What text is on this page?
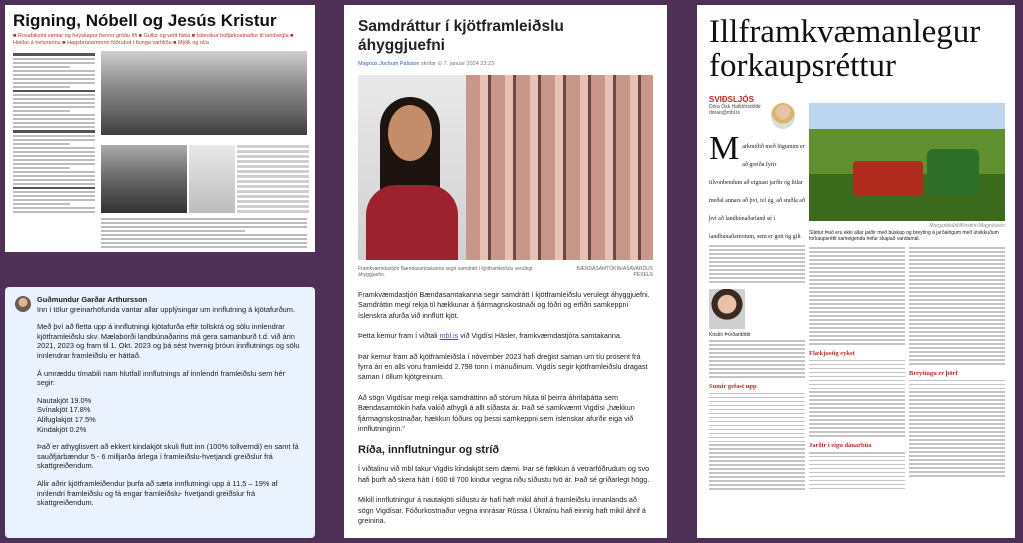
Rigning, Nóbell og Jesús Kristur
■ Rosabiksmi vantar og heyskapur hennir gróðu lífi ■ Gullur og veitt fiska ■ Íslenskur búfjárkostnaður til landvegla ■ Heiður á helsnerinu ■ Hagsbrúnarmenn fóðrubot í tlunga varhliðu ■ Mjólk og olía
Samdráttur í kjötframleiðslu áhyggjuefni
Magnús Jochum Pálsson skrifar ⊙ 7. janúar 2024 23:23
Framkvæmdastjóri Bændasamtakanna segir samdrátt í kjötframleiðslu verulegt áhyggjuefni.
BÆNDASAMTÖKIN/ASAVARDUS PEXELS

Framkvæmdastjóri Bændasamtakanna segir samdrátt í kjötframleiðslu verulegt áhyggjuefni. Samdráttin megi rekja til hækkunar á fjármagnskostnaði og fóðri og erfiðri samkeppni íslenskra afurða við innflutt kjöt.

Þetta kemur fram í viðtali mbl.is við Vigdísi Häsler, framkvæmdastjóra samtakanna.

Þar kemur fram að kjötframleiðsla í nóvember 2023 hafi dregist saman um tíu prósent frá fyrra ári en alls voru framleidd 2.798 tonn í mánuðinum. Vigdís segir kjötframleiðslu dragast saman í öllum kjötgreinum.

Að sögn Vigdísar megi rekja samdráttinn að stórum hluta til þeirra áhrifaþátta sem Bændasamtökin hafa vakið athygli á allt síðasta ár. Það sé samkvæmt Vigdísi „hækkun fjármagnskostnaðar, hækkun fóðurs og þessi samkeppni sem íslenskar afurðir eiga við innflutninginn.“

Ríða, innflutningur og stríð

Í viðtalinu við mbl takur Vigdís kindakjöt sem dæmi. Þar sé fækkun á vetrarfóðrudum og svo hafi þurft að skera hátt í 600 til 700 kindur vegna riðu síðustu tvö ár. Það sé gríðarlegt högg.

Mikill innflutningur á nautakjöti síðustu ár hafi haft mikil áhrif á framleiðslu innanlands að sögn Vigdísar. Fóðurkostnaður vegna innrásar Rússa í Úkraínu hafi einnig haft mikil áhrif á greinina.

Illframkvæmanlegur forkaupsréttur
SVIÐSLJÓS
Dóra Ósk Halldórsdóttir
dorao@mbl.is
Morgunblaðið/Kristinn Magnússon
Sláttur Það eru ekki allar jarðir með búskap og breyting á jarðalögum með útvikkuðum forkaupsrétti sameigenda hefur skapað vandamál.
M arkmiðið með lögunum er að greiða fyrir tilvonbendum að eignast jarðir og litlar meðal annars að þvi, tel ég, að stuðla að því að landbúnaðarland sé í landbúnaðarnotum, sem er gott og gilt
Kristín Þórðardóttir
Sumir gefast upp
Flækjustig eykst
Jarðir í eigu dánarbúa
Breytingu er þörf
Guðmundur Garðar Arthursson

Inn í tölur greinarhöfunda vantar allar upplýsingar um innflutning á kjötafurðum.

Með því að fletta upp á innflutningi kjötafurða eftir tollskrá og sölu innlendrar kjötframleiðslu skv. Mælaborði landbúnaðarins má gera samanburð t.d. við árin 2021, 2023 og fram til 1. Okt. 2023 og þá sést hvernig þróun innflutnings og sölu innlendrar framleiðslu er háttað.

Á umræddu tímabili nam hlutfall innflutnings af innlendri framleiðslu sem hér segir:

Nautakjöt 19.0%
Svínakjöt 17.8%
Alifuglakjöt 17.5%
Kindakjöt 0.2%

Það er athyglisvert að ekkert kindakjöt skuli flutt inn (100% tollverndi) en samt fá sauðfjárbændur 5 - 6 milljarða árlega í framleiðslu-hvetjandi greiðslur frá skattgreiðendum.

Allir aðrir kjötframleiðendur þurfa að sæta innflutningi upp á 11,5 – 19% af innlendri framleiðslu og fá engar framleiðslu- hvetjandi greiðslur frá skattgreiðendum.
